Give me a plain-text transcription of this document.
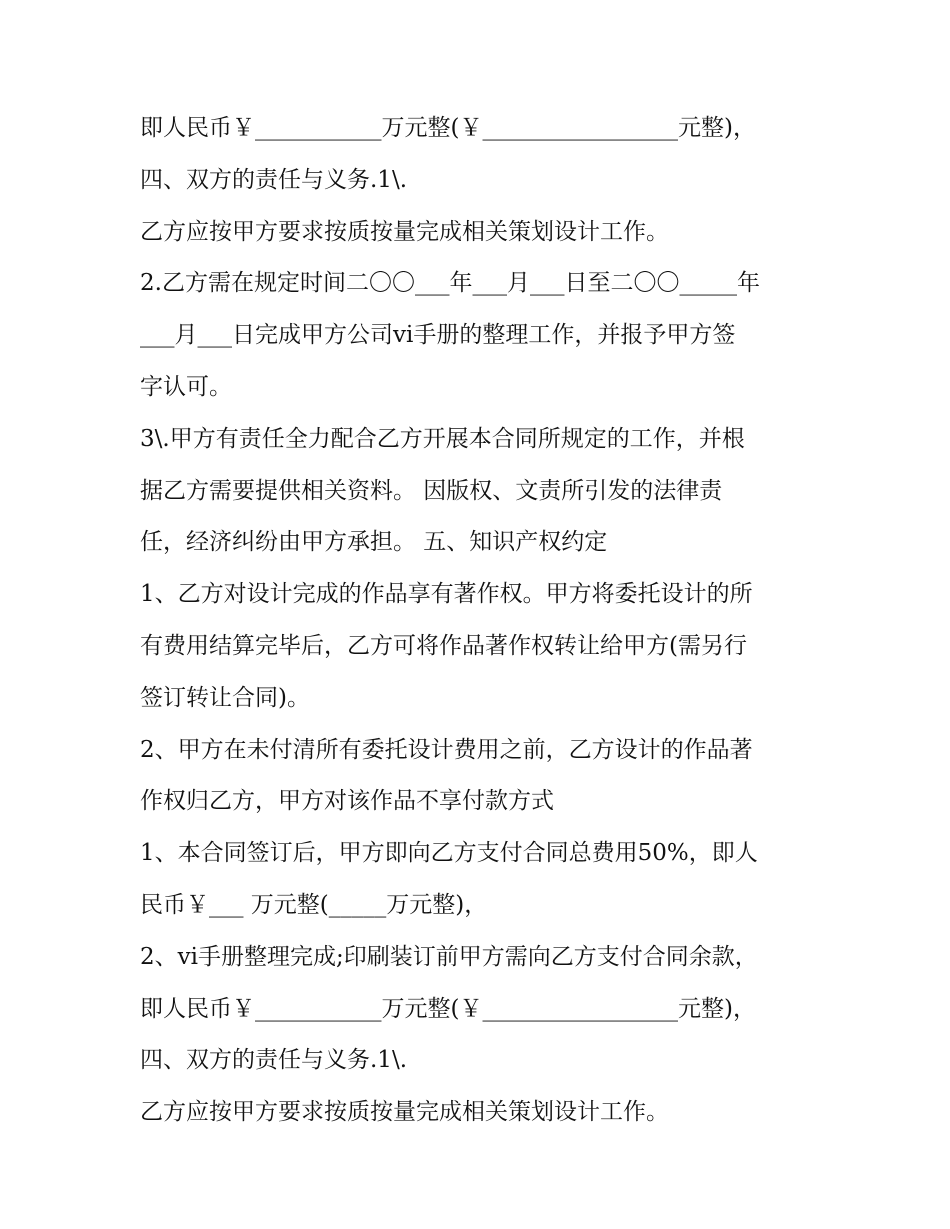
即人民币￥___________万元整(￥_________________元整)，
四、双方的责任与义务.1\.
乙方应按甲方要求按质按量完成相关策划设计工作。
2.乙方需在规定时间二〇〇___年___月___日至二〇〇_____年
___月___日完成甲方公司vi手册的整理工作，并报予甲方签
字认可。
3\.甲方有责任全力配合乙方开展本合同所规定的工作，并根
据乙方需要提供相关资料。 因版权、文责所引发的法律责
任，经济纠纷由甲方承担。 五、知识产权约定
1、乙方对设计完成的作品享有著作权。甲方将委托设计的所
有费用结算完毕后，乙方可将作品著作权转让给甲方(需另行
签订转让合同)。
2、甲方在未付清所有委托设计费用之前，乙方设计的作品著
作权归乙方，甲方对该作品不享付款方式
1、本合同签订后，甲方即向乙方支付合同总费用50%，即人
民币￥___ 万元整(_____万元整)，
2、vi手册整理完成;印刷装订前甲方需向乙方支付合同余款，
即人民币￥___________万元整(￥_________________元整)，
四、双方的责任与义务.1\.
乙方应按甲方要求按质按量完成相关策划设计工作。
